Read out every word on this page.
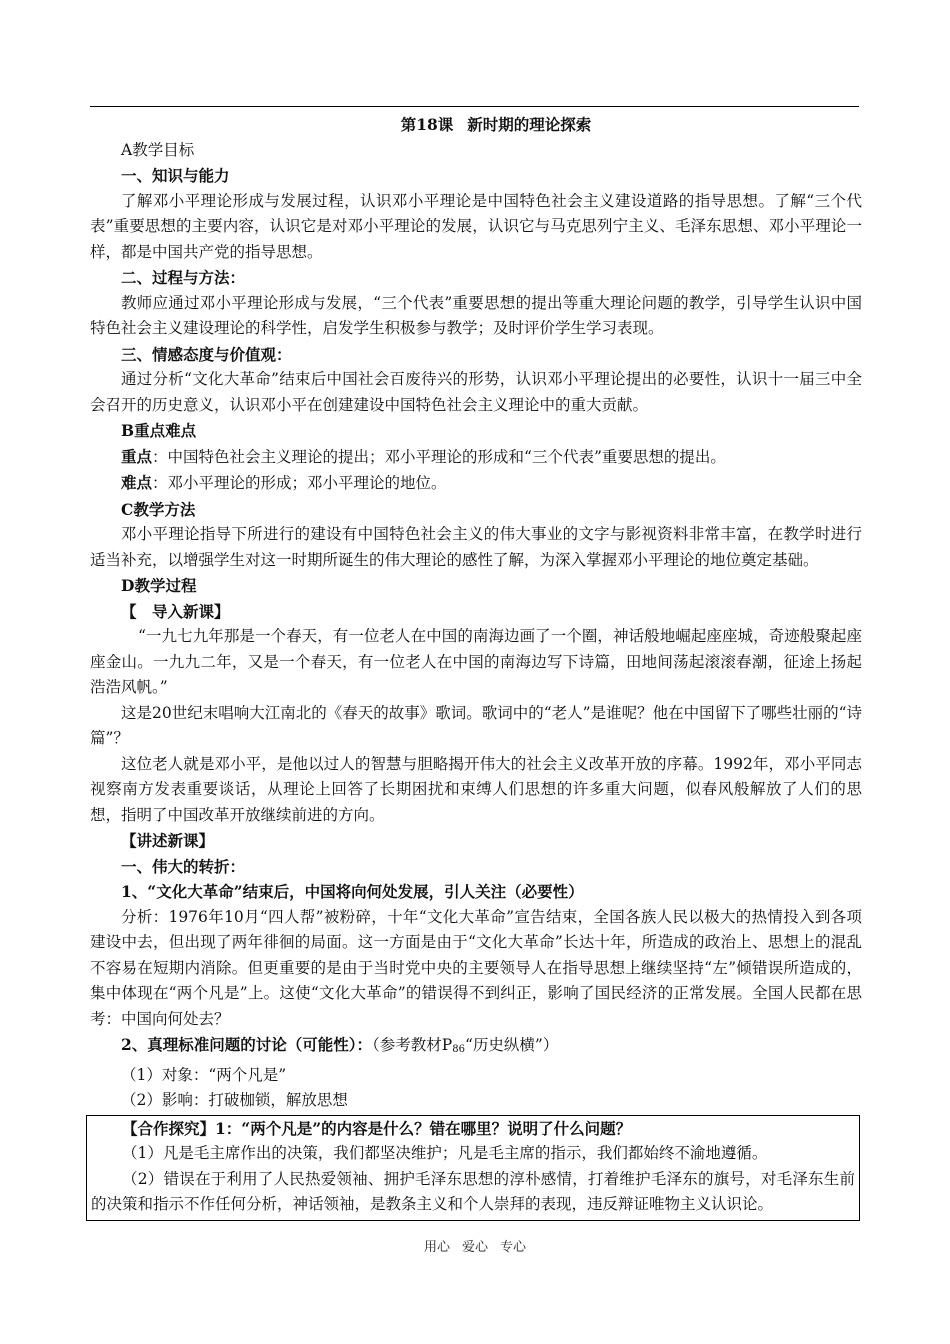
第18课 新时期的理论探索
A教学目标
一、知识与能力
了解邓小平理论形成与发展过程，认识邓小平理论是中国特色社会主义建设道路的指导思想。了解“三个代表”重要思想的主要内容，认识它是对邓小平理论的发展，认识它与马克思列宁主义、毛泽东思想、邓小平理论一样，都是中国共产党的指导思想。
二、过程与方法：
教师应通过邓小平理论形成与发展，“三个代表”重要思想的提出等重大理论问题的教学，引导学生认识中国特色社会主义建设理论的科学性，启发学生积极参与教学；及时评价学生学习表现。
三、情感态度与价值观：
通过分析“文化大革命”结束后中国社会百废待兴的形势，认识邓小平理论提出的必要性，认识十一届三中全会召开的历史意义，认识邓小平在创建建设中国特色社会主义理论中的重大贡献。
B重点难点
重点：中国特色社会主义理论的提出；邓小平理论的形成和“三个代表”重要思想的提出。
难点：邓小平理论的形成；邓小平理论的地位。
C教学方法
邓小平理论指导下所进行的建设有中国特色社会主义的伟大事业的文字与影视资料非常丰富，在教学时进行适当补充，以增强学生对这一时期所诞生的伟大理论的感性了解，为深入掌握邓小平理论的地位奠定基础。
D教学过程
【　导入新课】
“一九七九年那是一个春天，有一位老人在中国的南海边画了一个圈，神话般地崛起座座城，奇迹般聚起座座金山。一九九二年，又是一个春天，有一位老人在中国的南海边写下诗篇，田地间荡起滚滚春潮，征途上扬起浩浩风帆。”
这是20世纪末唱响大江南北的《春天的故事》歌词。歌词中的“老人”是谁呢？他在中国留下了哪些壮丽的“诗篇”？
这位老人就是邓小平，是他以过人的智慧与胆略揭开伟大的社会主义改革开放的序幕。1992年，邓小平同志视察南方发表重要谈话，从理论上回答了长期困扰和束缚人们思想的许多重大问题，似春风般解放了人们的思想，指明了中国改革开放继续前进的方向。
【讲述新课】
一、伟大的转折：
1、“文化大革命”结束后，中国将向何处发展，引人关注（必要性）
分析：1976年10月“四人帮”被粉碎，十年“文化大革命”宣告结束，全国各族人民以极大的热情投入到各项建设中去，但出现了两年徘徊的局面。这一方面是由于“文化大革命”长达十年，所造成的政治上、思想上的混乱不容易在短期内消除。但更重要的是由于当时党中央的主要领导人在指导思想上继续坚持“左”倾错误所造成的，集中体现在“两个凡是”上。这使“文化大革命”的错误得不到纠正，影响了国民经济的正常发展。全国人民都在思考：中国向何处去？
2、真理标准问题的讨论（可能性）：（参考教材$P_{86}“$历史纵横”）
（1）对象：“两个凡是”
（2）影响：打破枷锁，解放思想
【合作探究】1：“两个凡是”的内容是什么？错在哪里？说明了什么问题？
（1）凡是毛主席作出的决策，我们都坚决维护；凡是毛主席的指示，我们都始终不渝地遵循。
（2）错误在于利用了人民热爱领袖、拥护毛泽东思想的淳朴感情，打着维护毛泽东的旗号，对毛泽东生前的决策和指示不作任何分析，神话领袖，是教条主义和个人崇拜的表现，违反辩证唯物主义认识论。
用心 爱心 专心
